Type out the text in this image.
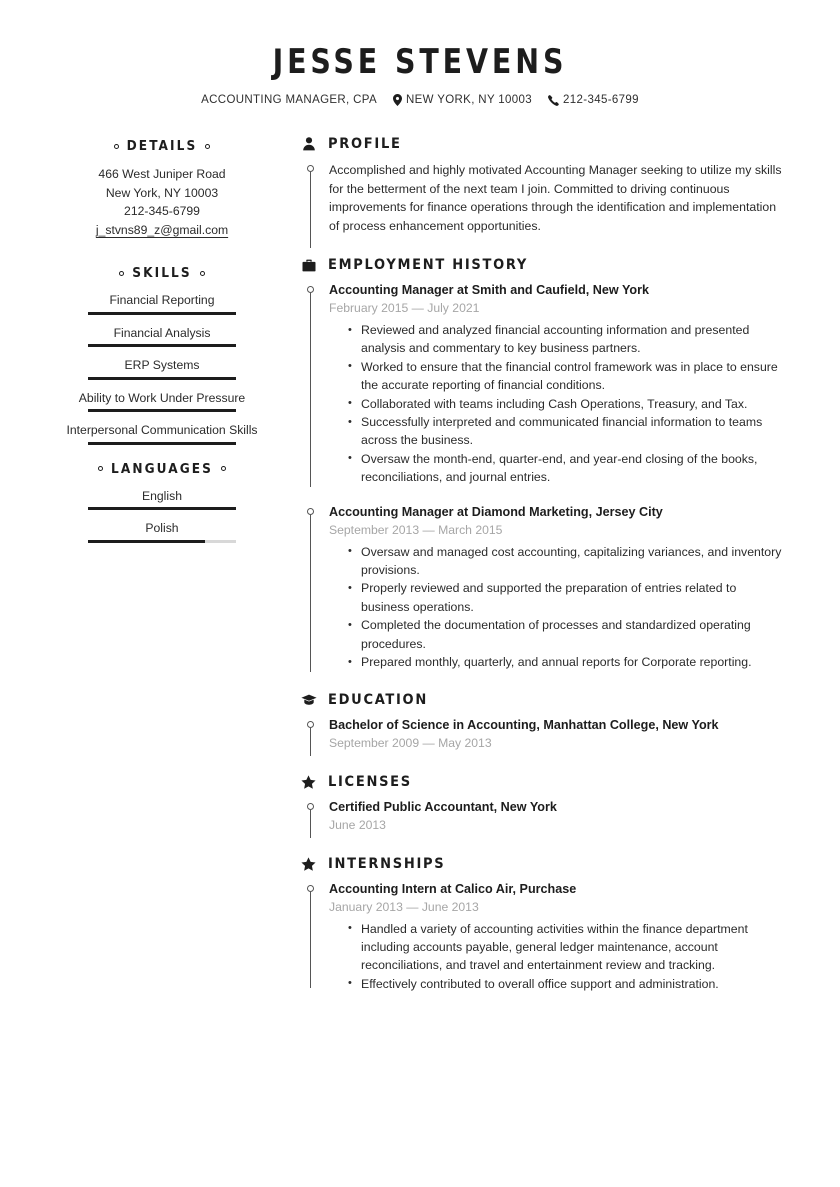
JESSE STEVENS
ACCOUNTING MANAGER, CPA	NEW YORK, NY 10003	212-345-6799
DETAILS
466 West Juniper Road
New York, NY 10003
212-345-6799
j_stvns89_z@gmail.com
SKILLS
Financial Reporting
Financial Analysis
ERP Systems
Ability to Work Under Pressure
Interpersonal Communication Skills
LANGUAGES
English
Polish
PROFILE

Accomplished and highly motivated Accounting Manager seeking to utilize my skills for the betterment of the next team I join. Committed to driving continuous improvements for finance operations through the identification and implementation of process enhancement opportunities.

EMPLOYMENT HISTORY
Accounting Manager at Smith and Caufield, New York
February 2015 — July 2021
• Reviewed and analyzed financial accounting information and presented analysis and commentary to key business partners.
• Worked to ensure that the financial control framework was in place to ensure the accurate reporting of financial conditions.
• Collaborated with teams including Cash Operations, Treasury, and Tax.
• Successfully interpreted and communicated financial information to teams across the business.
• Oversaw the month-end, quarter-end, and year-end closing of the books, reconciliations, and journal entries.
Accounting Manager at Diamond Marketing, Jersey City
September 2013 — March 2015
• Oversaw and managed cost accounting, capitalizing variances, and inventory provisions.
• Properly reviewed and supported the preparation of entries related to business operations.
• Completed the documentation of processes and standardized operating procedures.
• Prepared monthly, quarterly, and annual reports for Corporate reporting.
EDUCATION
Bachelor of Science in Accounting, Manhattan College, New York
September 2009 — May 2013
LICENSES
Certified Public Accountant, New York
June 2013
INTERNSHIPS
Accounting Intern at Calico Air, Purchase
January 2013 — June 2013
• Handled a variety of accounting activities within the finance department including accounts payable, general ledger maintenance, account reconciliations, and travel and entertainment review and tracking.
• Effectively contributed to overall office support and administration.
